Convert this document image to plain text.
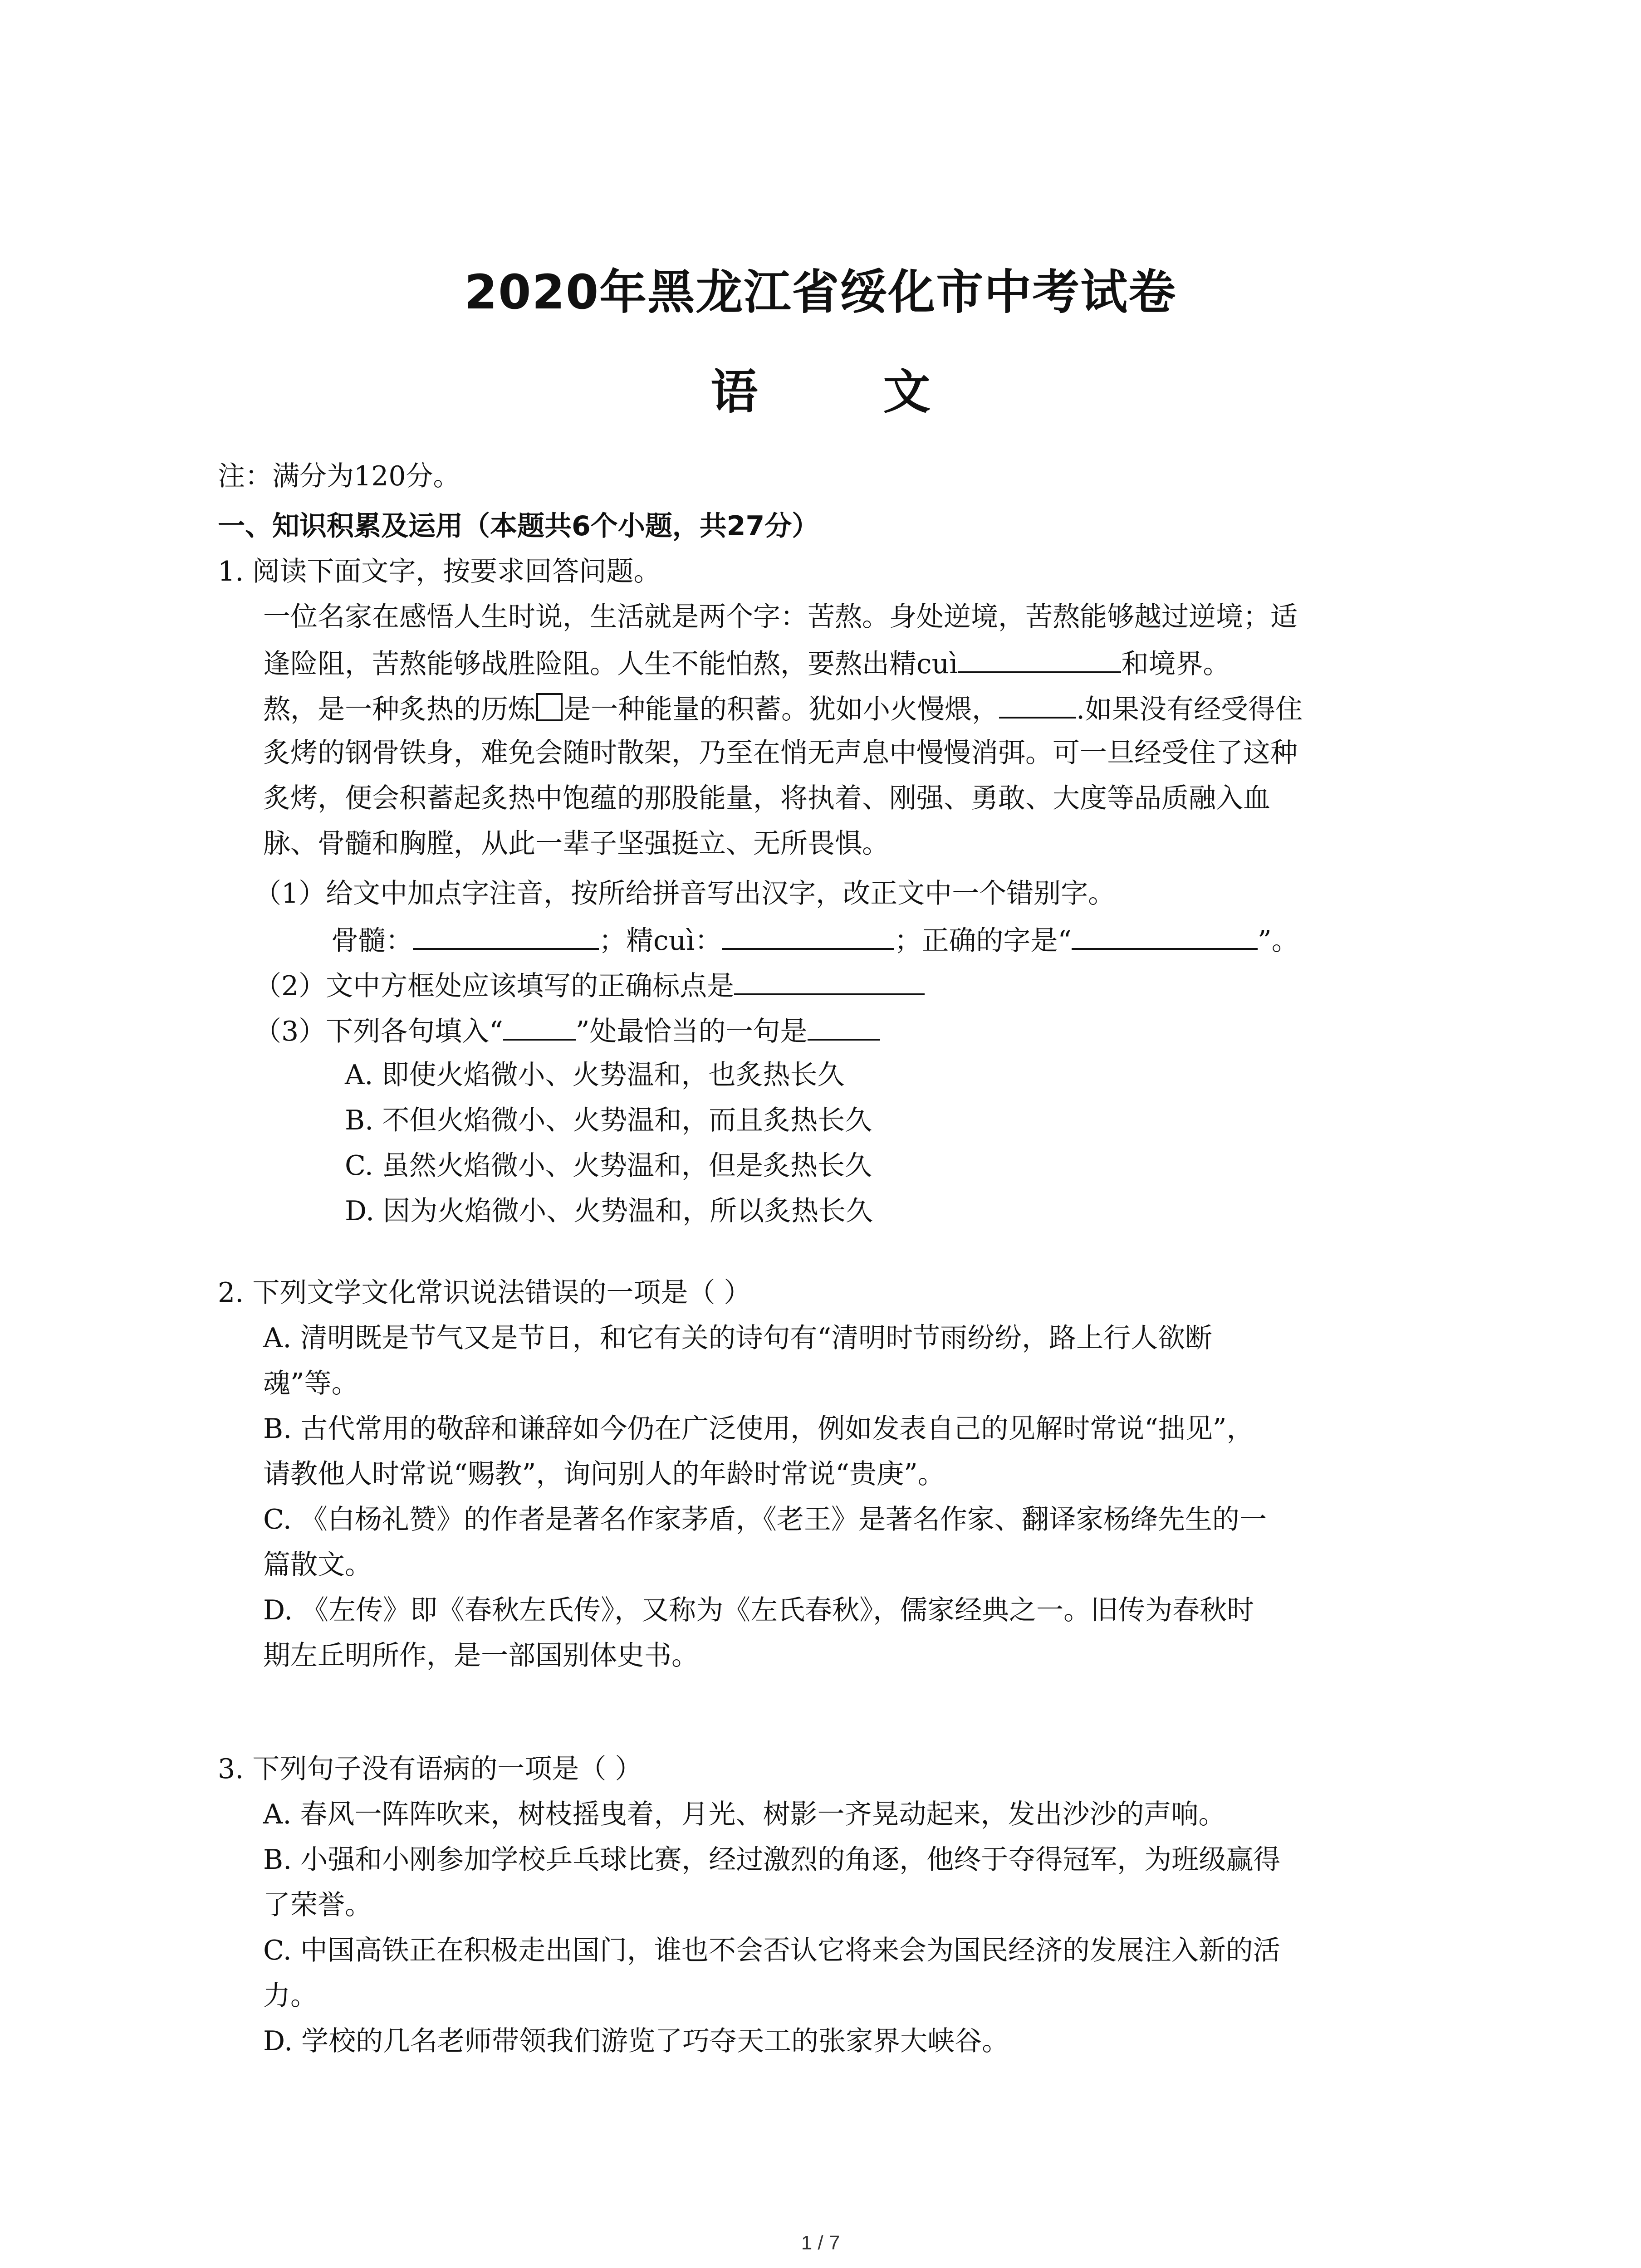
2020年黑龙江省绥化市中考试卷
语 文
注：满分为120分。
一、知识积累及运用（本题共6个小题，共27分）
1. 阅读下面文字，按要求回答问题。
一位名家在感悟人生时说，生活就是两个字：苦熬。身处逆境，苦熬能够越过逆境；适
逢险阻，苦熬能够战胜险阻。人生不能怕熬，要熬出精cuì	和境界。
熬，是一种炙热的历炼 是一种能量的积蓄。犹如小火慢煨，	.如果没有经受得住
炙烤的钢骨铁身，难免会随时散架，乃至在悄无声息中慢慢消弭。可一旦经受住了这种
炙烤，便会积蓄起炙热中饱蕴的那股能量，将执着、刚强、勇敢、大度等品质融入血
脉、骨髓和胸膛，从此一辈子坚强挺立、无所畏惧。
（1）给文中加点字注音，按所给拼音写出汉字，改正文中一个错别字。
骨髓：	；精cuì：	；正确的字是“	”。
（2）文中方框处应该填写的正确标点是
（3）下列各句填入“	”处最恰当的一句是
A. 即使火焰微小、火势温和，也炙热长久
B. 不但火焰微小、火势温和，而且炙热长久
C. 虽然火焰微小、火势温和，但是炙热长久
D. 因为火焰微小、火势温和，所以炙热长久
2. 下列文学文化常识说法错误的一项是（ ）
A. 清明既是节气又是节日，和它有关的诗句有“清明时节雨纷纷，路上行人欲断
魂”等。
B. 古代常用的敬辞和谦辞如今仍在广泛使用，例如发表自己的见解时常说“拙见”，
请教他人时常说“赐教”，询问别人的年龄时常说“贵庚”。
C. 《白杨礼赞》的作者是著名作家茅盾，《老王》是著名作家、翻译家杨绛先生的一
篇散文。
D. 《左传》即《春秋左氏传》，又称为《左氏春秋》，儒家经典之一。旧传为春秋时
期左丘明所作，是一部国别体史书。
3. 下列句子没有语病的一项是（ ）
A. 春风一阵阵吹来，树枝摇曳着，月光、树影一齐晃动起来，发出沙沙的声响。
B. 小强和小刚参加学校乒乓球比赛，经过激烈的角逐，他终于夺得冠军，为班级赢得
了荣誉。
C. 中国高铁正在积极走出国门，谁也不会否认它将来会为国民经济的发展注入新的活
力。
D. 学校的几名老师带领我们游览了巧夺天工的张家界大峡谷。
1 / 7
